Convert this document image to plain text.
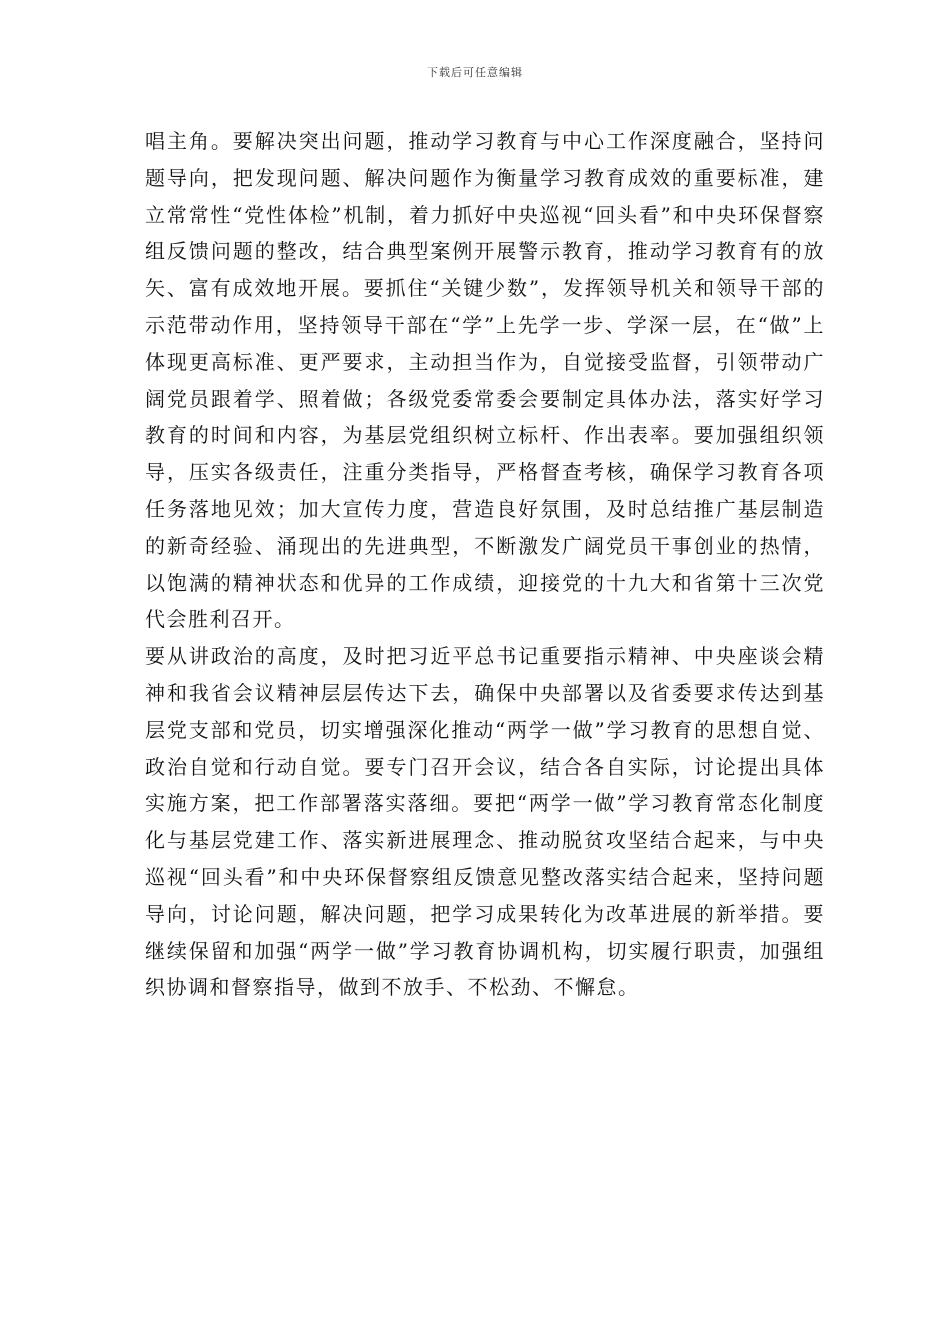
下载后可任意编辑

唱主角。要解决突出问题，推动学习教育与中心工作深度融合，坚持问题导向，把发现问题、解决问题作为衡量学习教育成效的重要标准，建立常常性“党性体检”机制，着力抓好中央巡视“回头看”和中央环保督察组反馈问题的整改，结合典型案例开展警示教育，推动学习教育有的放矢、富有成效地开展。要抓住“关键少数”，发挥领导机关和领导干部的示范带动作用，坚持领导干部在“学”上先学一步、学深一层，在“做”上体现更高标准、更严要求，主动担当作为，自觉接受监督，引领带动广阔党员跟着学、照着做；各级党委常委会要制定具体办法，落实好学习教育的时间和内容，为基层党组织树立标杆、作出表率。要加强组织领导，压实各级责任，注重分类指导，严格督查考核，确保学习教育各项任务落地见效；加大宣传力度，营造良好氛围，及时总结推广基层制造的新奇经验、涌现出的先进典型，不断激发广阔党员干事创业的热情，以饱满的精神状态和优异的工作成绩，迎接党的十九大和省第十三次党代会胜利召开。

要从讲政治的高度，及时把习近平总书记重要指示精神、中央座谈会精神和我省会议精神层层传达下去，确保中央部署以及省委要求传达到基层党支部和党员，切实增强深化推动“两学一做”学习教育的思想自觉、政治自觉和行动自觉。要专门召开会议，结合各自实际，讨论提出具体实施方案，把工作部署落实落细。要把“两学一做”学习教育常态化制度化与基层党建工作、落实新进展理念、推动脱贫攻坚结合起来，与中央巡视“回头看”和中央环保督察组反馈意见整改落实结合起来，坚持问题导向，讨论问题，解决问题，把学习成果转化为改革进展的新举措。要继续保留和加强“两学一做”学习教育协调机构，切实履行职责，加强组织协调和督察指导，做到不放手、不松劲、不懈怠。
